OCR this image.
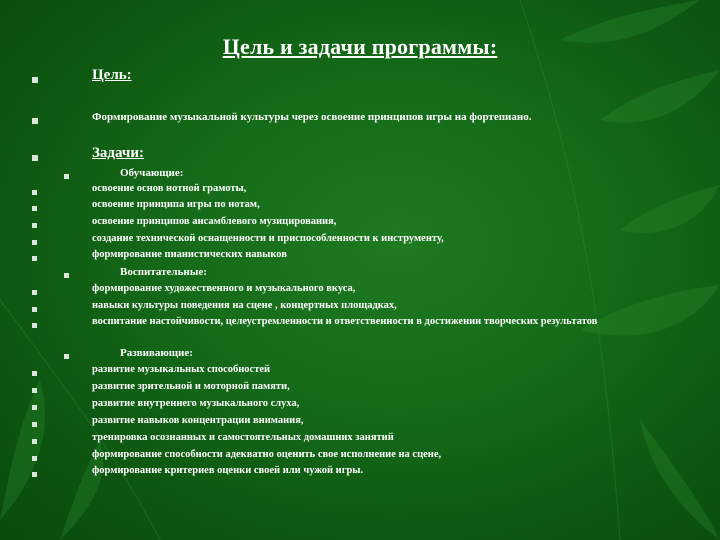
Цель и задачи программы:
Цель:
Формирование музыкальной культуры через освоение принципов игры на фортепиано.
Задачи:
Обучающие:
освоение основ нотной грамоты,
освоение принципа игры по нотам,
освоение принципов ансамблевого музицирования,
создание технической оснащенности и приспособленности к инструменту,
формирование пианистических навыков
Воспитательные:
формирование художественного и музыкального вкуса,
навыки культуры поведения на сцене , концертных площадках,
воспитание настойчивости, целеустремленности и ответственности в достижении творческих результатов
Развивающие:
развитие музыкальных способностей
развитие зрительной и моторной памяти,
развитие внутреннего музыкального слуха,
развитие навыков концентрации внимания,
тренировка осознанных и самостоятельных домашних занятий
формирование способности адекватно оценить свое исполнение на сцене,
формирование критериев оценки своей или чужой игры.
